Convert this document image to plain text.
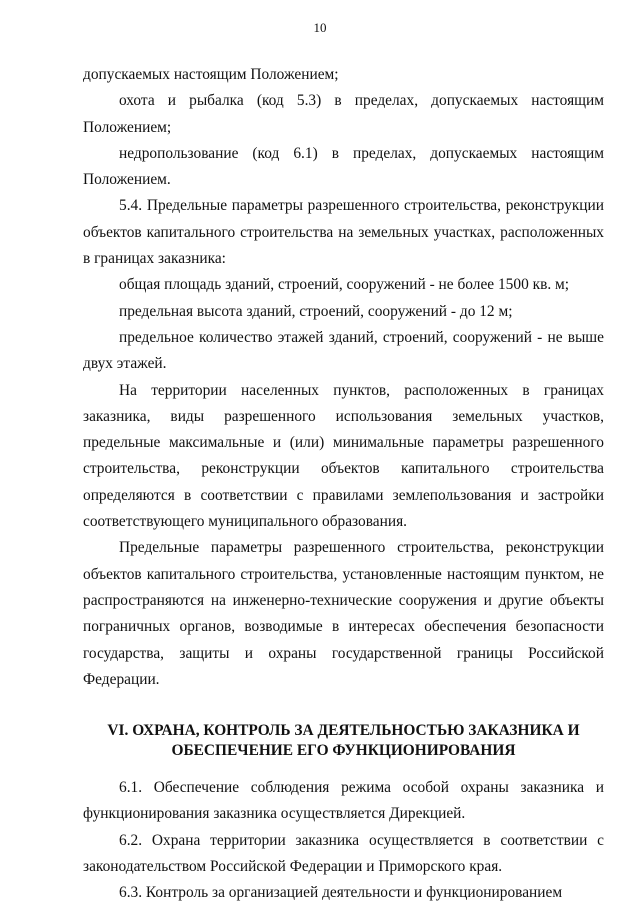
10

допускаемых настоящим Положением;

охота и рыбалка (код 5.3) в пределах, допускаемых настоящим Положением;

недропользование (код 6.1) в пределах, допускаемых настоящим Положением.

5.4. Предельные параметры разрешенного строительства, реконструкции объектов капитального строительства на земельных участках, расположенных в границах заказника:

общая площадь зданий, строений, сооружений - не более 1500 кв. м;

предельная высота зданий, строений, сооружений - до 12 м;

предельное количество этажей зданий, строений, сооружений - не выше двух этажей.

На территории населенных пунктов, расположенных в границах заказника, виды разрешенного использования земельных участков, предельные максимальные и (или) минимальные параметры разрешенного строительства, реконструкции объектов капитального строительства определяются в соответствии с правилами землепользования и застройки соответствующего муниципального образования.

Предельные параметры разрешенного строительства, реконструкции объектов капитального строительства, установленные настоящим пунктом, не распространяются на инженерно-технические сооружения и другие объекты пограничных органов, возводимые в интересах обеспечения безопасности государства, защиты и охраны государственной границы Российской Федерации.

VI. ОХРАНА, КОНТРОЛЬ ЗА ДЕЯТЕЛЬНОСТЬЮ ЗАКАЗНИКА И
ОБЕСПЕЧЕНИЕ ЕГО ФУНКЦИОНИРОВАНИЯ

6.1. Обеспечение соблюдения режима особой охраны заказника и функционирования заказника осуществляется Дирекцией.

6.2. Охрана территории заказника осуществляется в соответствии с законодательством Российской Федерации и Приморского края.

6.3. Контроль за организацией деятельности и функционированием
